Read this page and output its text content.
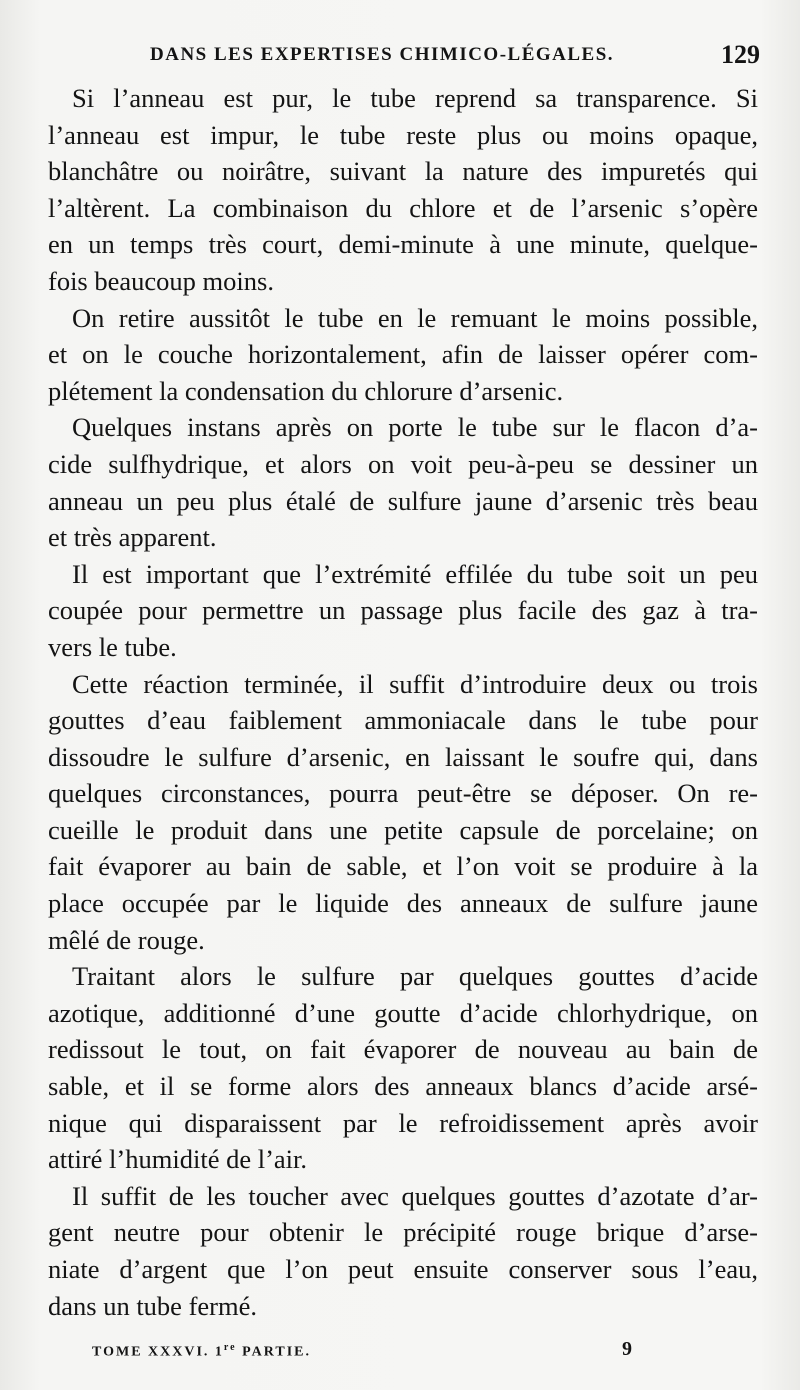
DANS LES EXPERTISES CHIMICO-LÉGALES.	129

Si l’anneau est pur, le tube reprend sa transparence. Si
l’anneau est impur, le tube reste plus ou moins opaque,
blanchâtre ou noirâtre, suivant la nature des impuretés qui
l’altèrent. La combinaison du chlore et de l’arsenic s’opère
en un temps très court, demi-minute à une minute, quelque-
fois beaucoup moins.

On retire aussitôt le tube en le remuant le moins possible,
et on le couche horizontalement, afin de laisser opérer com-
plétement la condensation du chlorure d’arsenic.

Quelques instans après on porte le tube sur le flacon d’a-
cide sulfhydrique, et alors on voit peu-à-peu se dessiner un
anneau un peu plus étalé de sulfure jaune d’arsenic très beau
et très apparent.

Il est important que l’extrémité effilée du tube soit un peu
coupée pour permettre un passage plus facile des gaz à tra-
vers le tube.

Cette réaction terminée, il suffit d’introduire deux ou trois
gouttes d’eau faiblement ammoniacale dans le tube pour
dissoudre le sulfure d’arsenic, en laissant le soufre qui, dans
quelques circonstances, pourra peut-être se déposer. On re-
cueille le produit dans une petite capsule de porcelaine; on
fait évaporer au bain de sable, et l’on voit se produire à la
place occupée par le liquide des anneaux de sulfure jaune
mêlé de rouge.

Traitant alors le sulfure par quelques gouttes d’acide
azotique, additionné d’une goutte d’acide chlorhydrique, on
redissout le tout, on fait évaporer de nouveau au bain de
sable, et il se forme alors des anneaux blancs d’acide arsé-
nique qui disparaissent par le refroidissement après avoir
attiré l’humidité de l’air.

Il suffit de les toucher avec quelques gouttes d’azotate d’ar-
gent neutre pour obtenir le précipité rouge brique d’arse-
niate d’argent que l’on peut ensuite conserver sous l’eau,
dans un tube fermé.

TOME XXXVI. 1re PARTIE.	9
